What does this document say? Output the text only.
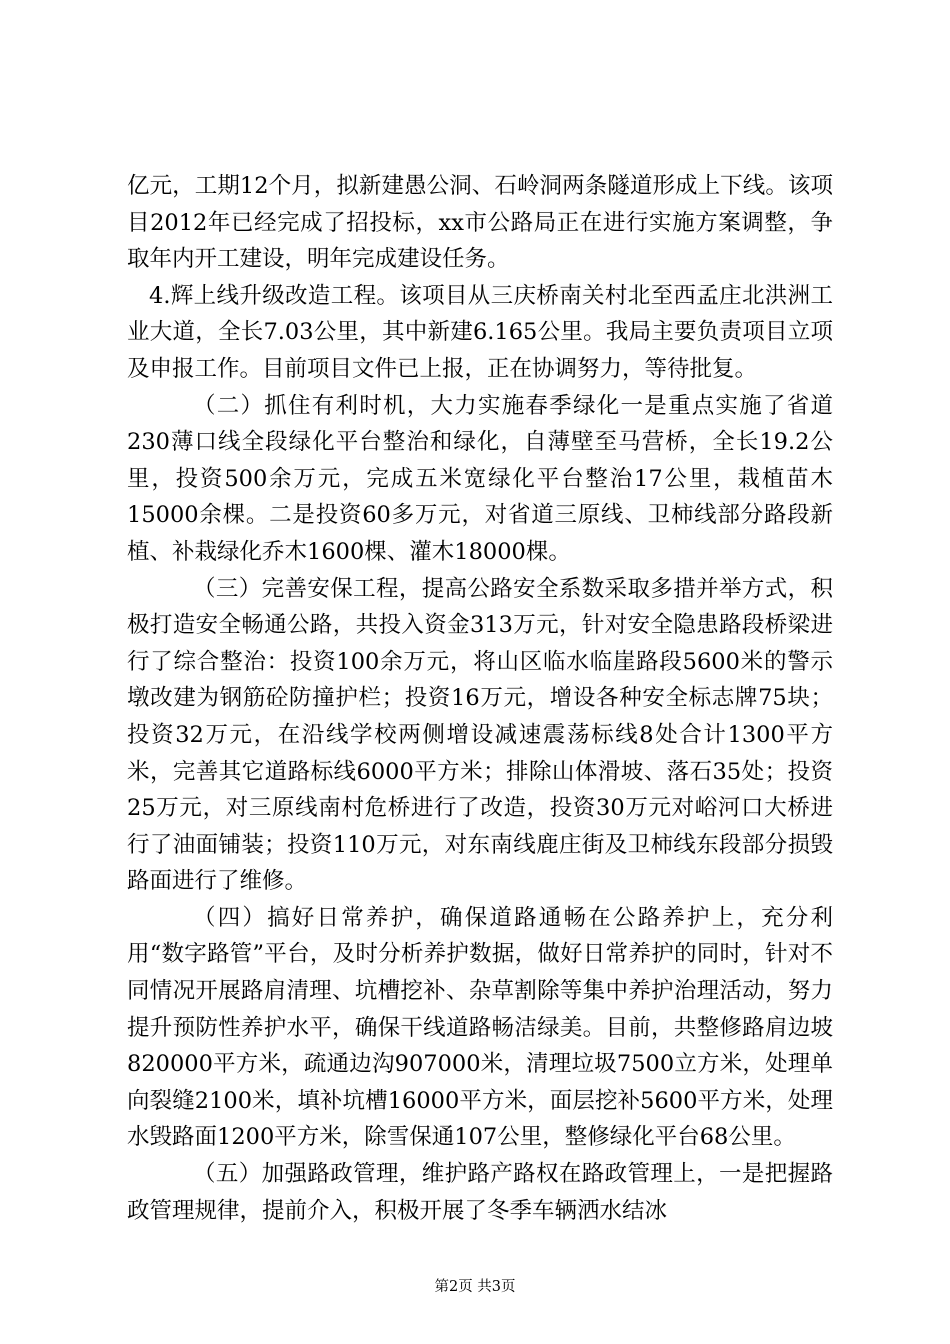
亿元，工期12个月，拟新建愚公洞、石岭洞两条隧道形成上下线。该项目2012年已经完成了招投标，xx市公路局正在进行实施方案调整，争取年内开工建设，明年完成建设任务。

4.辉上线升级改造工程。该项目从三庆桥南关村北至西孟庄北洪洲工业大道，全长7.03公里，其中新建6.165公里。我局主要负责项目立项及申报工作。目前项目文件已上报，正在协调努力，等待批复。

（二）抓住有利时机，大力实施春季绿化一是重点实施了省道230薄口线全段绿化平台整治和绿化，自薄壁至马营桥，全长19.2公里，投资500余万元，完成五米宽绿化平台整治17公里，栽植苗木15000余棵。二是投资60多万元，对省道三原线、卫柿线部分路段新植、补栽绿化乔木1600棵、灌木18000棵。

（三）完善安保工程，提高公路安全系数采取多措并举方式，积极打造安全畅通公路，共投入资金313万元，针对安全隐患路段桥梁进行了综合整治：投资100余万元，将山区临水临崖路段5600米的警示墩改建为钢筋砼防撞护栏；投资16万元，增设各种安全标志牌75块；投资32万元，在沿线学校两侧增设减速震荡标线8处合计1300平方米，完善其它道路标线6000平方米；排除山体滑坡、落石35处；投资25万元，对三原线南村危桥进行了改造，投资30万元对峪河口大桥进行了油面铺装；投资110万元，对东南线鹿庄街及卫柿线东段部分损毁路面进行了维修。

（四）搞好日常养护，确保道路通畅在公路养护上，充分利用“数字路管”平台，及时分析养护数据，做好日常养护的同时，针对不同情况开展路肩清理、坑槽挖补、杂草割除等集中养护治理活动，努力提升预防性养护水平，确保干线道路畅洁绿美。目前，共整修路肩边坡820000平方米，疏通边沟907000米，清理垃圾7500立方米，处理单向裂缝2100米，填补坑槽16000平方米，面层挖补5600平方米，处理水毁路面1200平方米，除雪保通107公里，整修绿化平台68公里。

（五）加强路政管理，维护路产路权在路政管理上，一是把握路政管理规律，提前介入，积极开展了冬季车辆洒水结冰

第2页 共3页
